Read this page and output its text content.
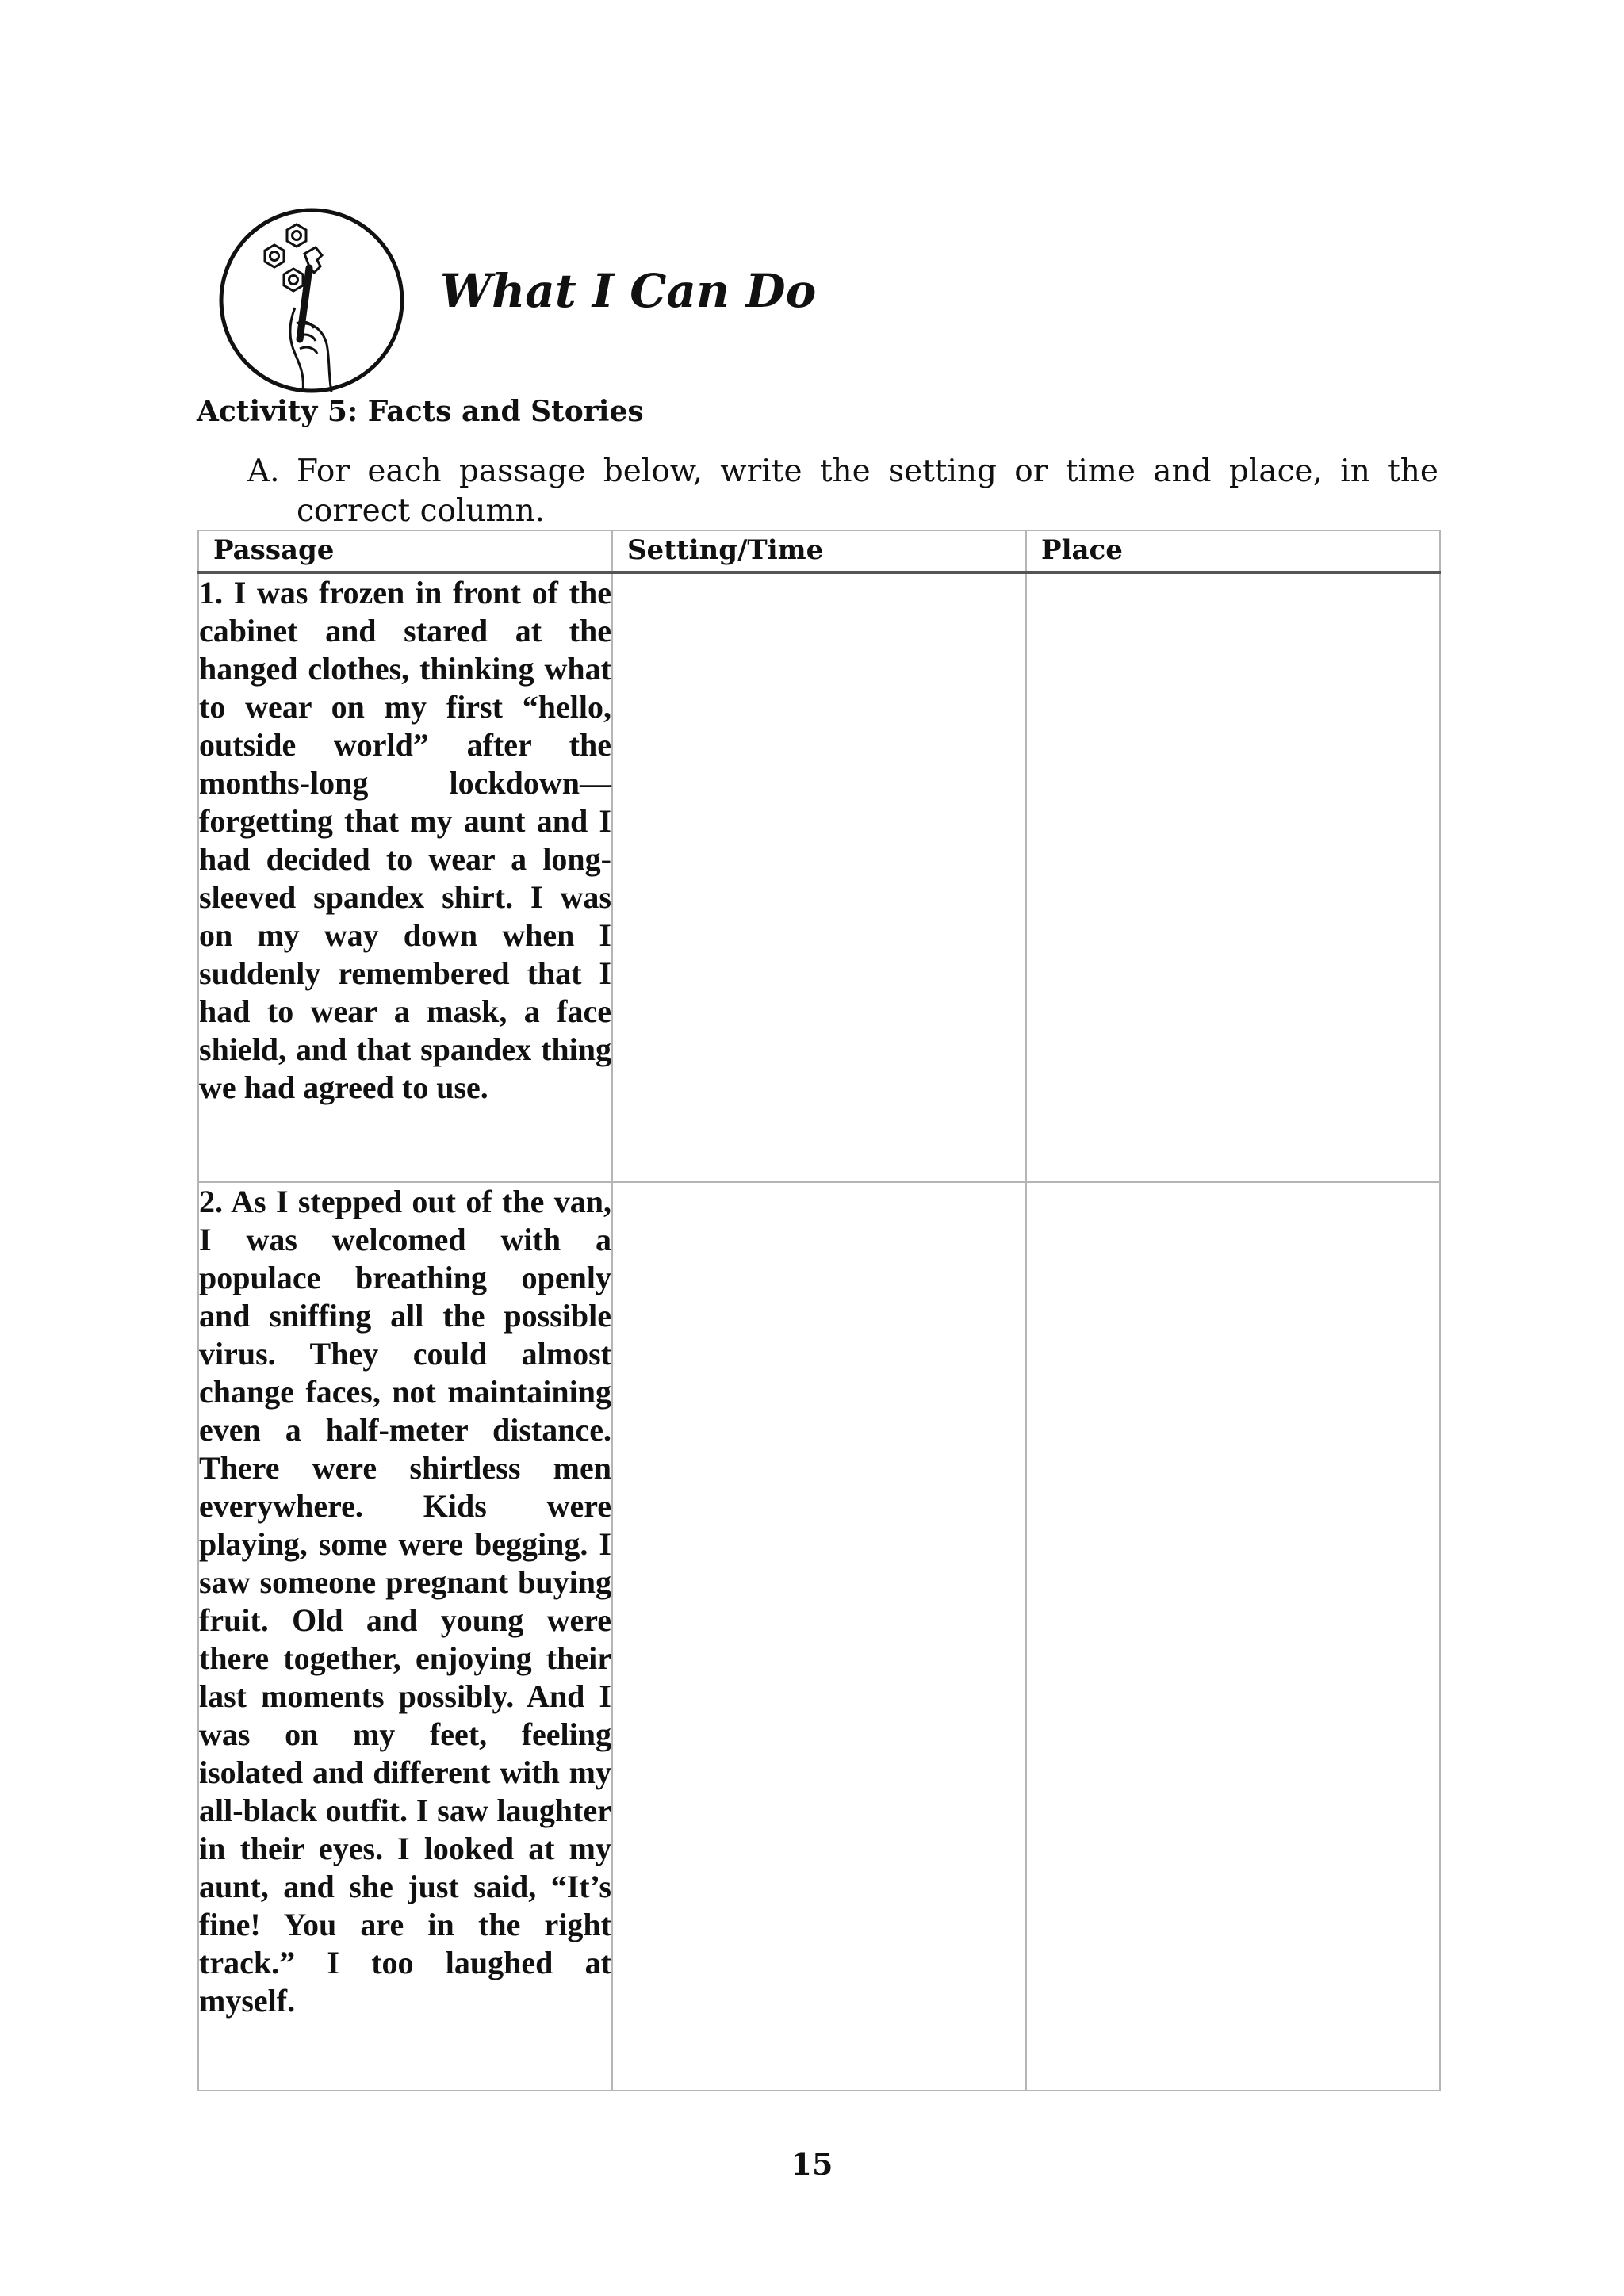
What I Can Do
Activity 5: Facts and Stories
A. For each passage below, write the setting or time and place, in the correct column.
Passage	Setting/Time	Place

1. I was frozen in front of the cabinet and stared at the hanged clothes, thinking what to wear on my first “hello, outside world” after the months-long lockdown—forgetting that my aunt and I had decided to wear a long-sleeved spandex shirt. I was on my way down when I suddenly remembered that I had to wear a mask, a face shield, and that spandex thing we had agreed to use.		

2. As I stepped out of the van, I was welcomed with a populace breathing openly and sniffing all the possible virus. They could almost change faces, not maintaining even a half-meter distance. There were shirtless men everywhere. Kids were playing, some were begging. I saw someone pregnant buying fruit. Old and young were there together, enjoying their last moments possibly. And I was on my feet, feeling isolated and different with my all-black outfit. I saw laughter in their eyes. I looked at my aunt, and she just said, “It’s fine! You are in the right track.” I too laughed at myself.		

15
